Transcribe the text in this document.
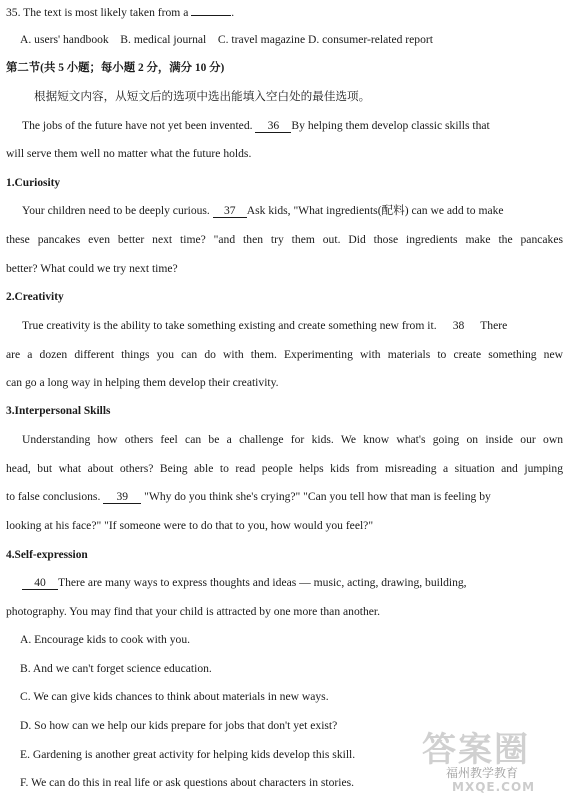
35. The text is most likely taken from a	.
A. users' handbook    B. medical journal    C. travel magazine D. consumer-related report
第二节(共 5 小题；每小题 2 分，满分 10 分)
根据短文内容，从短文后的选项中选出能填入空白处的最佳选项。
The jobs of the future have not yet been invented. 36 By helping them develop classic skills that
will serve them well no matter what the future holds.
1.Curiosity
Your children need to be deeply curious. 37 Ask kids, "What ingredients(配料) can we add to make
these pancakes even better next time? "and then try them out. Did those ingredients make the pancakes
better? What could we try next time?
2.Creativity
True creativity is the ability to take something existing and create something new from it. 38 There
are a dozen different things you can do with them. Experimenting with materials to create something new
can go a long way in helping them develop their creativity.
3.Interpersonal Skills
Understanding how others feel can be a challenge for kids. We know what's going on inside our own
head, but what about others? Being able to read people helps kids from misreading a situation and jumping
to false conclusions. 39 "Why do you think she's crying?" "Can you tell how that man is feeling by
looking at his face?" "If someone were to do that to you, how would you feel?"
4.Self-expression
40 There are many ways to express thoughts and ideas — music, acting, drawing, building,
photography. You may find that your child is attracted by one more than another.
A. Encourage kids to cook with you.
B. And we can't forget science education.
C. We can give kids chances to think about materials in new ways.
D. So how can we help our kids prepare for jobs that don't yet exist?
E. Gardening is another great activity for helping kids develop this skill.
F. We can do this in real life or ask questions about characters in stories.
答案圈
福州教学教育
MXQE.COM
